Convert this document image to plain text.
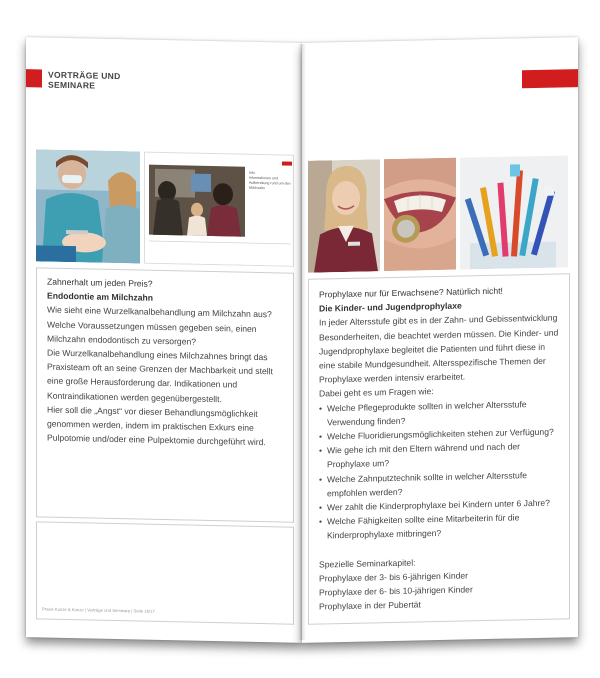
VORTRÄGE UND SEMINARE
Info
Informationen und Aufbereitung rund um den Milchzahn
Zahnerhalt um jeden Preis?
Endodontie am Milchzahn
Wie sieht eine Wurzelkanalbehandlung am Milchzahn aus? Welche Voraussetzungen müssen gegeben sein, einen Milchzahn endodontisch zu versorgen?
Die Wurzelkanalbehandlung eines Milchzahnes bringt das Praxisteam oft an seine Grenzen der Machbarkeit und stellt eine große Herausforderung dar. Indikationen und Kontraindikationen werden gegenübergestellt.
Hier soll die „Angst“ vor dieser Behandlungsmöglichkeit genommen werden, indem im praktischen Exkurs eine Pulpotomie und/oder eine Pulpektomie durchgeführt wird.
Praxis Kunze & Kunze | Vorträge und Seminare | Seite 16/17
Prophylaxe nur für Erwachsene? Natürlich nicht!
Die Kinder- und Jugendprophylaxe
In jeder Altersstufe gibt es in der Zahn- und Gebissentwicklung Besonderheiten, die beachtet werden müssen. Die Kinder- und Jugendprophylaxe begleitet die Patienten und führt diese in eine stabile Mundgesundheit. Altersspezifische Themen der Prophylaxe werden intensiv erarbeitet.
Dabei geht es um Fragen wie:
• Welche Pflegeprodukte sollten in welcher Altersstufe Verwendung finden?
• Welche Fluoridierungsmöglichkeiten stehen zur Verfügung?
• Wie gehe ich mit den Eltern während und nach der Prophylaxe um?
• Welche Zahnputztechnik sollte in welcher Altersstufe empfohlen werden?
• Wer zahlt die Kinderprophylaxe bei Kindern unter 6 Jahre?
• Welche Fähigkeiten sollte eine Mitarbeiterin für die Kinderprophylaxe mitbringen?
Spezielle Seminarkapitel:
Prophylaxe der 3- bis 6-jährigen Kinder
Prophylaxe der 6- bis 10-jährigen Kinder
Prophylaxe in der Pubertät
